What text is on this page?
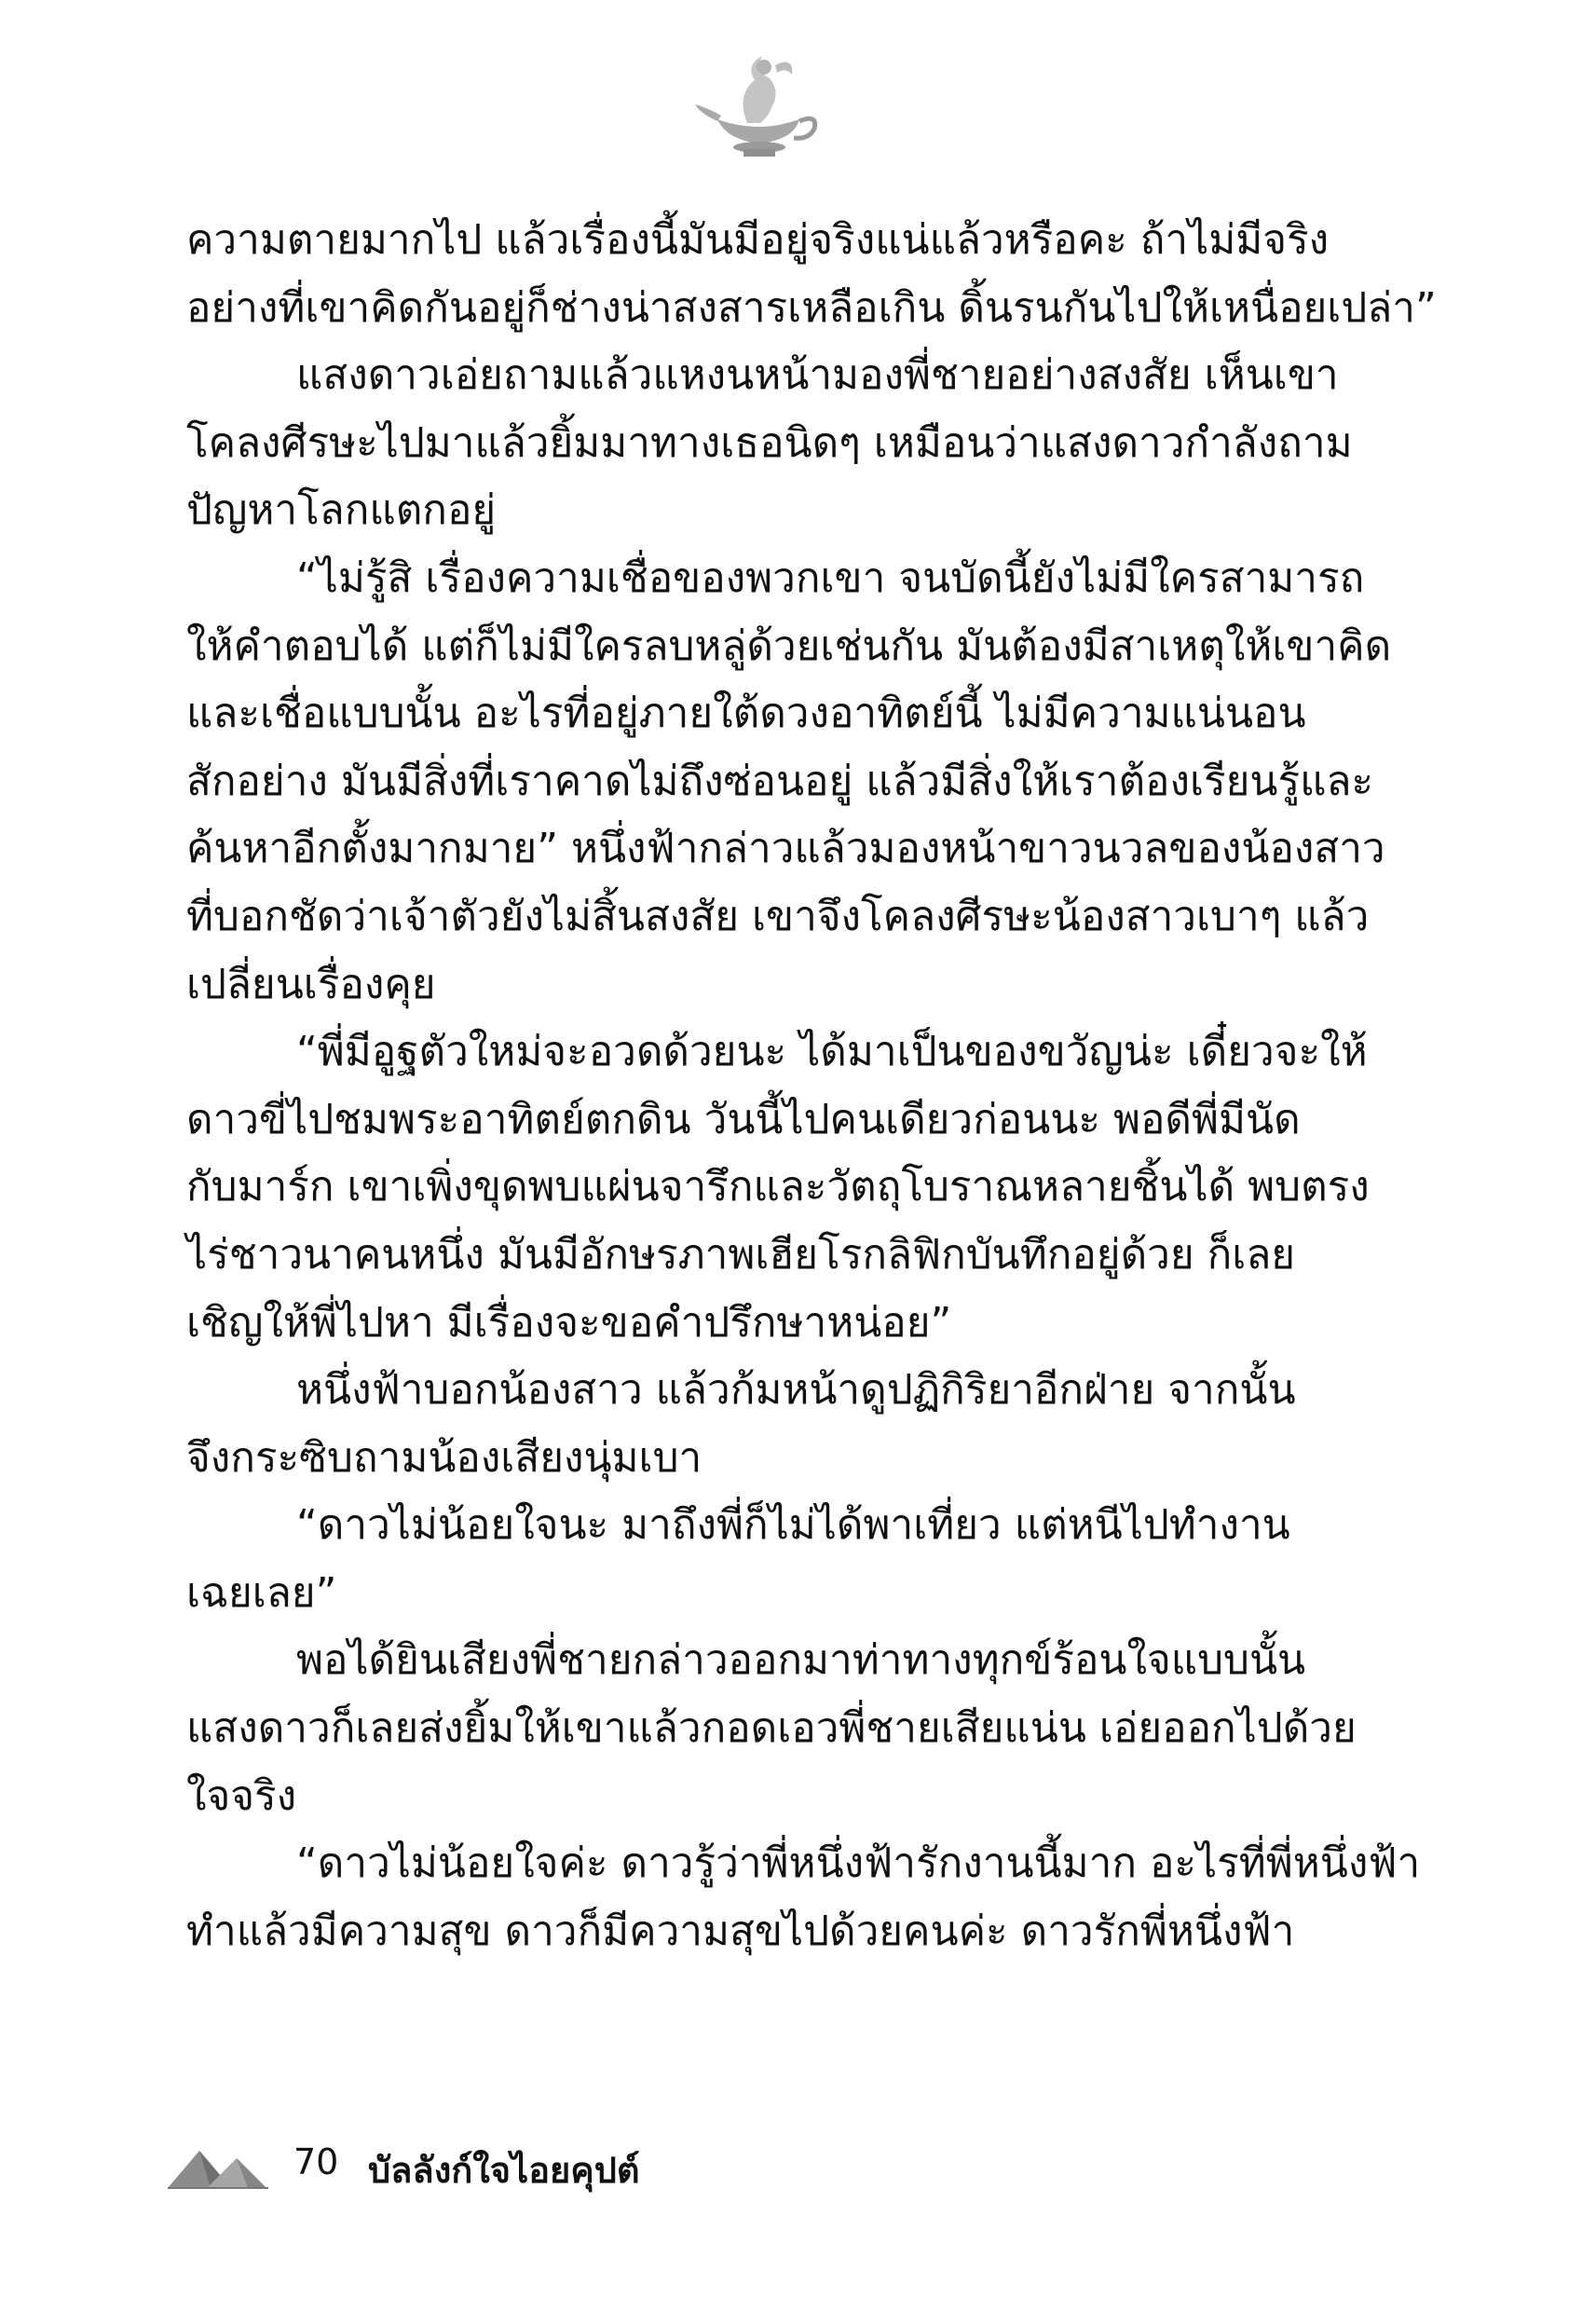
ความตายมากไป แล้วเรื่องนี้มันมีอยู่จริงแน่แล้วหรือคะ ถ้าไม่มีจริง

อย่างที่เขาคิดกันอยู่ก็ช่างน่าสงสารเหลือเกิน ดิ้นรนกันไปให้เหนื่อยเปล่า”

แสงดาวเอ่ยถามแล้วแหงนหน้ามองพี่ชายอย่างสงสัย เห็นเขา

โคลงศีรษะไปมาแล้วยิ้มมาทางเธอนิดๆ เหมือนว่าแสงดาวกำลังถาม

ปัญหาโลกแตกอยู่

“ไม่รู้สิ เรื่องความเชื่อของพวกเขา จนบัดนี้ยังไม่มีใครสามารถ

ให้คำตอบได้ แต่ก็ไม่มีใครลบหลู่ด้วยเช่นกัน มันต้องมีสาเหตุให้เขาคิด

และเชื่อแบบนั้น อะไรที่อยู่ภายใต้ดวงอาทิตย์นี้ ไม่มีความแน่นอน

สักอย่าง มันมีสิ่งที่เราคาดไม่ถึงซ่อนอยู่ แล้วมีสิ่งให้เราต้องเรียนรู้และ

ค้นหาอีกตั้งมากมาย” หนึ่งฟ้ากล่าวแล้วมองหน้าขาวนวลของน้องสาว

ที่บอกชัดว่าเจ้าตัวยังไม่สิ้นสงสัย เขาจึงโคลงศีรษะน้องสาวเบาๆ แล้ว

เปลี่ยนเรื่องคุย

“พี่มีอูฐตัวใหม่จะอวดด้วยนะ ได้มาเป็นของขวัญน่ะ เดี๋ยวจะให้

ดาวขี่ไปชมพระอาทิตย์ตกดิน วันนี้ไปคนเดียวก่อนนะ พอดีพี่มีนัด

กับมาร์ก เขาเพิ่งขุดพบแผ่นจารึกและวัตถุโบราณหลายชิ้นได้ พบตรง

ไร่ชาวนาคนหนึ่ง มันมีอักษรภาพเฮียโรกลิฟิกบันทึกอยู่ด้วย ก็เลย

เชิญให้พี่ไปหา มีเรื่องจะขอคำปรึกษาหน่อย”

หนึ่งฟ้าบอกน้องสาว แล้วก้มหน้าดูปฏิกิริยาอีกฝ่าย จากนั้น

จึงกระซิบถามน้องเสียงนุ่มเบา

“ดาวไม่น้อยใจนะ มาถึงพี่ก็ไม่ได้พาเที่ยว แต่หนีไปทำงาน

เฉยเลย”

พอได้ยินเสียงพี่ชายกล่าวออกมาท่าทางทุกข์ร้อนใจแบบนั้น

แสงดาวก็เลยส่งยิ้มให้เขาแล้วกอดเอวพี่ชายเสียแน่น เอ่ยออกไปด้วย

ใจจริง

“ดาวไม่น้อยใจค่ะ ดาวรู้ว่าพี่หนึ่งฟ้ารักงานนี้มาก อะไรที่พี่หนึ่งฟ้า

ทำแล้วมีความสุข ดาวก็มีความสุขไปด้วยคนค่ะ ดาวรักพี่หนึ่งฟ้า

70 บัลลังก์ใจไอยคุปต์
